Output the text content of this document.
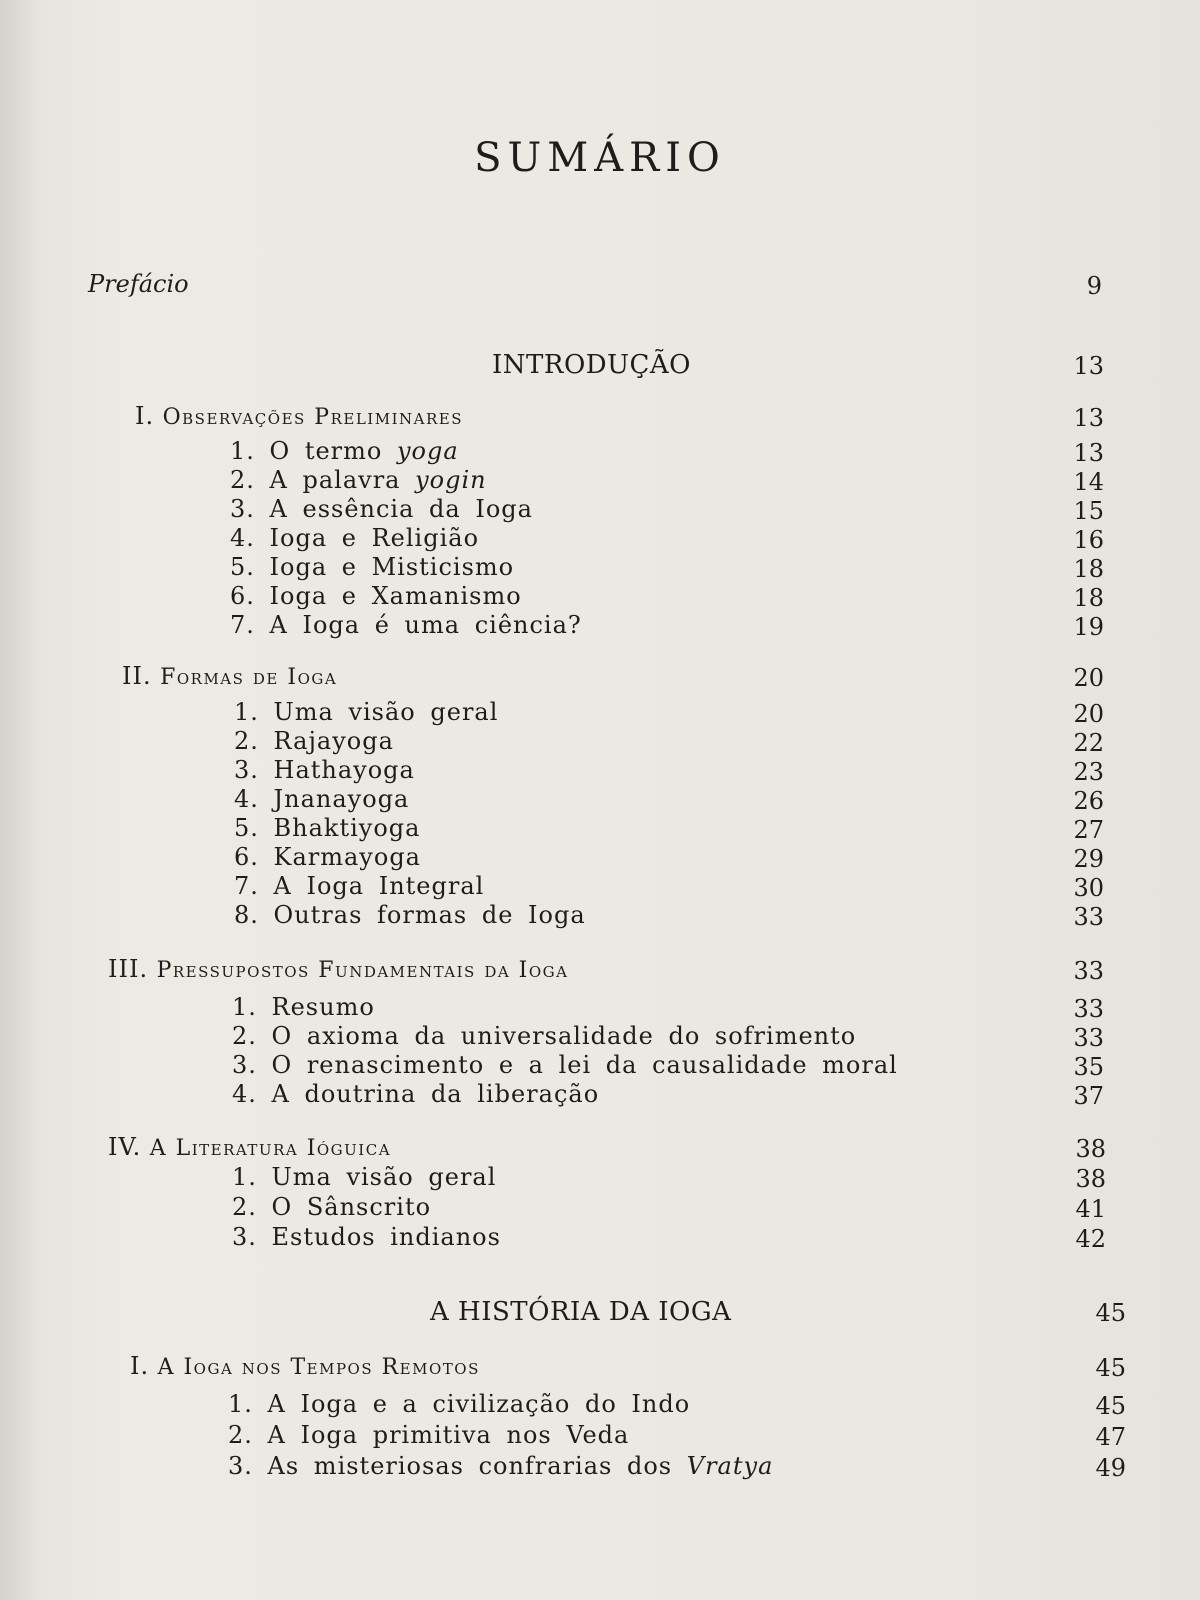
SUMÁRIO
Prefácio	9
INTRODUÇÃO	13
I. Observações Preliminares	13
1. O termo yoga	13
2. A palavra yogin	14
3. A essência da Ioga	15
4. Ioga e Religião	16
5. Ioga e Misticismo	18
6. Ioga e Xamanismo	18
7. A Ioga é uma ciência?	19
II. Formas de Ioga	20
1. Uma visão geral	20
2. Rajayoga	22
3. Hathayoga	23
4. Jnanayoga	26
5. Bhaktiyoga	27
6. Karmayoga	29
7. A Ioga Integral	30
8. Outras formas de Ioga	33
III. Pressupostos Fundamentais da Ioga	33
1. Resumo	33
2. O axioma da universalidade do sofrimento	33
3. O renascimento e a lei da causalidade moral	35
4. A doutrina da liberação	37
IV. A Literatura Ióguica	38
1. Uma visão geral	38
2. O Sânscrito	41
3. Estudos indianos	42
A HISTÓRIA DA IOGA	45
I. A Ioga nos Tempos Remotos	45
1. A Ioga e a civilização do Indo	45
2. A Ioga primitiva nos Veda	47
3. As misteriosas confrarias dos Vratya	49
